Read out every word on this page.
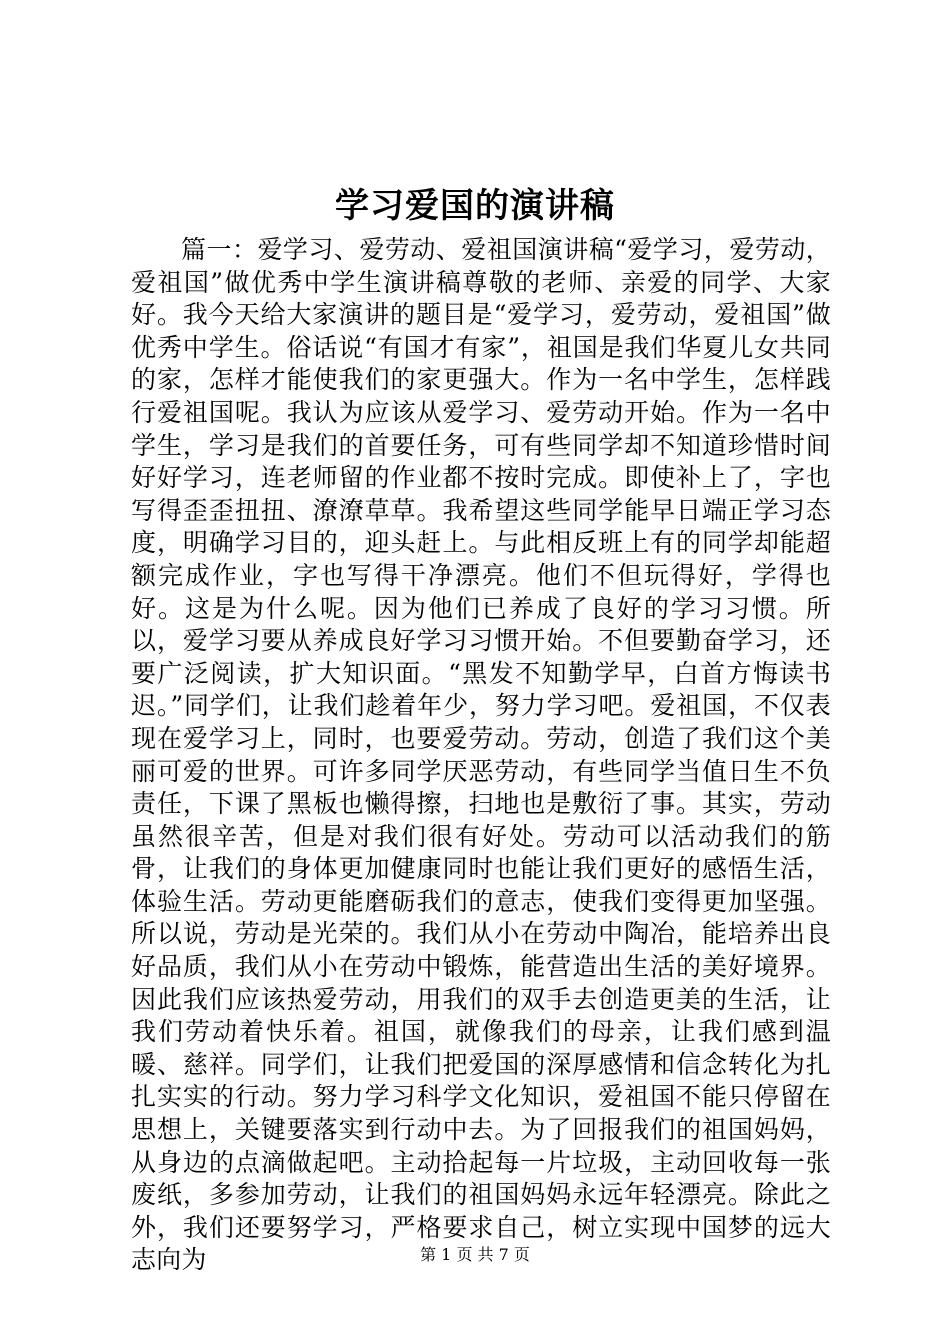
学习爱国的演讲稿

篇一：爱学习、爱劳动、爱祖国演讲稿“爱学习，爱劳动，爱祖国”做优秀中学生演讲稿尊敬的老师、亲爱的同学、大家好。我今天给大家演讲的题目是“爱学习，爱劳动，爱祖国”做优秀中学生。俗话说“有国才有家”，祖国是我们华夏儿女共同的家，怎样才能使我们的家更强大。作为一名中学生，怎样践行爱祖国呢。我认为应该从爱学习、爱劳动开始。作为一名中学生，学习是我们的首要任务，可有些同学却不知道珍惜时间好好学习，连老师留的作业都不按时完成。即使补上了，字也写得歪歪扭扭、潦潦草草。我希望这些同学能早日端正学习态度，明确学习目的，迎头赶上。与此相反班上有的同学却能超额完成作业，字也写得干净漂亮。他们不但玩得好，学得也好。这是为什么呢。因为他们已养成了良好的学习习惯。所以，爱学习要从养成良好学习习惯开始。不但要勤奋学习，还要广泛阅读，扩大知识面。“黑发不知勤学早，白首方悔读书迟。”同学们，让我们趁着年少，努力学习吧。爱祖国，不仅表现在爱学习上，同时，也要爱劳动。劳动，创造了我们这个美丽可爱的世界。可许多同学厌恶劳动，有些同学当值日生不负责任，下课了黑板也懒得擦，扫地也是敷衍了事。其实，劳动虽然很辛苦，但是对我们很有好处。劳动可以活动我们的筋骨，让我们的身体更加健康同时也能让我们更好的感悟生活，体验生活。劳动更能磨砺我们的意志，使我们变得更加坚强。所以说，劳动是光荣的。我们从小在劳动中陶冶，能培养出良好品质，我们从小在劳动中锻炼，能营造出生活的美好境界。因此我们应该热爱劳动，用我们的双手去创造更美的生活，让我们劳动着快乐着。祖国，就像我们的母亲，让我们感到温暖、慈祥。同学们，让我们把爱国的深厚感情和信念转化为扎扎实实的行动。努力学习科学文化知识，爱祖国不能只停留在思想上，关键要落实到行动中去。为了回报我们的祖国妈妈，从身边的点滴做起吧。主动拾起每一片垃圾，主动回收每一张废纸，多参加劳动，让我们的祖国妈妈永远年轻漂亮。除此之外，我们还要努学习，严格要求自己，树立实现中国梦的远大志向为	第 1 页 共 7 页
